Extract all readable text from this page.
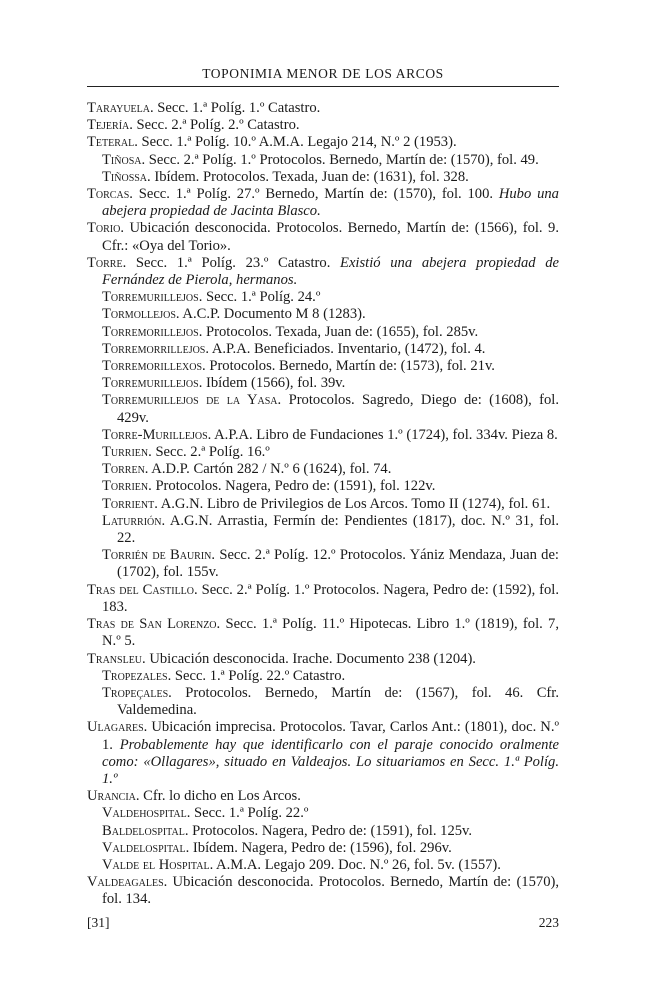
TOPONIMIA MENOR DE LOS ARCOS
Tarayuela. Secc. 1.ª Políg. 1.º Catastro.
Tejería. Secc. 2.ª Políg. 2.º Catastro.
Teteral. Secc. 1.ª Políg. 10.º A.M.A. Legajo 214, N.º 2 (1953).
Tiñosa. Secc. 2.ª Políg. 1.º Protocolos. Bernedo, Martín de: (1570), fol. 49.
Tiñossa. Ibídem. Protocolos. Texada, Juan de: (1631), fol. 328.
Torcas. Secc. 1.ª Políg. 27.º Bernedo, Martín de: (1570), fol. 100. Hubo una abejera propiedad de Jacinta Blasco.
Torio. Ubicación desconocida. Protocolos. Bernedo, Martín de: (1566), fol. 9. Cfr.: «Oya del Torio».
Torre. Secc. 1.ª Políg. 23.º Catastro. Existió una abejera propiedad de Fernández de Pierola, hermanos.
Torremurillejos. Secc. 1.ª Políg. 24.º
Tormollejos. A.C.P. Documento M 8 (1283).
Torremorillejos. Protocolos. Texada, Juan de: (1655), fol. 285v.
Torremorrillejos. A.P.A. Beneficiados. Inventario, (1472), fol. 4.
Torremorillexos. Protocolos. Bernedo, Martín de: (1573), fol. 21v.
Torremurillejos. Ibídem (1566), fol. 39v.
Torremurillejos de la Yasa. Protocolos. Sagredo, Diego de: (1608), fol. 429v.
Torre-Murillejos. A.P.A. Libro de Fundaciones 1.º (1724), fol. 334v. Pieza 8.
Turrien. Secc. 2.ª Políg. 16.º
Torren. A.D.P. Cartón 282 / N.º 6 (1624), fol. 74.
Torrien. Protocolos. Nagera, Pedro de: (1591), fol. 122v.
Torrient. A.G.N. Libro de Privilegios de Los Arcos. Tomo II (1274), fol. 61.
Laturrión. A.G.N. Arrastia, Fermín de: Pendientes (1817), doc. N.º 31, fol. 22.
Torrién de Baurin. Secc. 2.ª Políg. 12.º Protocolos. Yániz Mendaza, Juan de: (1702), fol. 155v.
Tras del Castillo. Secc. 2.ª Políg. 1.º Protocolos. Nagera, Pedro de: (1592), fol. 183.
Tras de San Lorenzo. Secc. 1.ª Políg. 11.º Hipotecas. Libro 1.º (1819), fol. 7, N.º 5.
Transleu. Ubicación desconocida. Irache. Documento 238 (1204).
Tropezales. Secc. 1.ª Políg. 22.º Catastro.
Tropeçales. Protocolos. Bernedo, Martín de: (1567), fol. 46. Cfr. Valdemedina.
Ulagares. Ubicación imprecisa. Protocolos. Tavar, Carlos Ant.: (1801), doc. N.º 1. Probablemente hay que identificarlo con el paraje conocido oralmente como: «Ollagares», situado en Valdeajos. Lo situariamos en Secc. 1.ª Políg. 1.º
Urancia. Cfr. lo dicho en Los Arcos.
Valdehospital. Secc. 1.ª Políg. 22.º
Baldelospital. Protocolos. Nagera, Pedro de: (1591), fol. 125v.
Valdelospital. Ibídem. Nagera, Pedro de: (1596), fol. 296v.
Valde el Hospital. A.M.A. Legajo 209. Doc. N.º 26, fol. 5v. (1557).
Valdeagales. Ubicación desconocida. Protocolos. Bernedo, Martín de: (1570), fol. 134.
[31]	223
